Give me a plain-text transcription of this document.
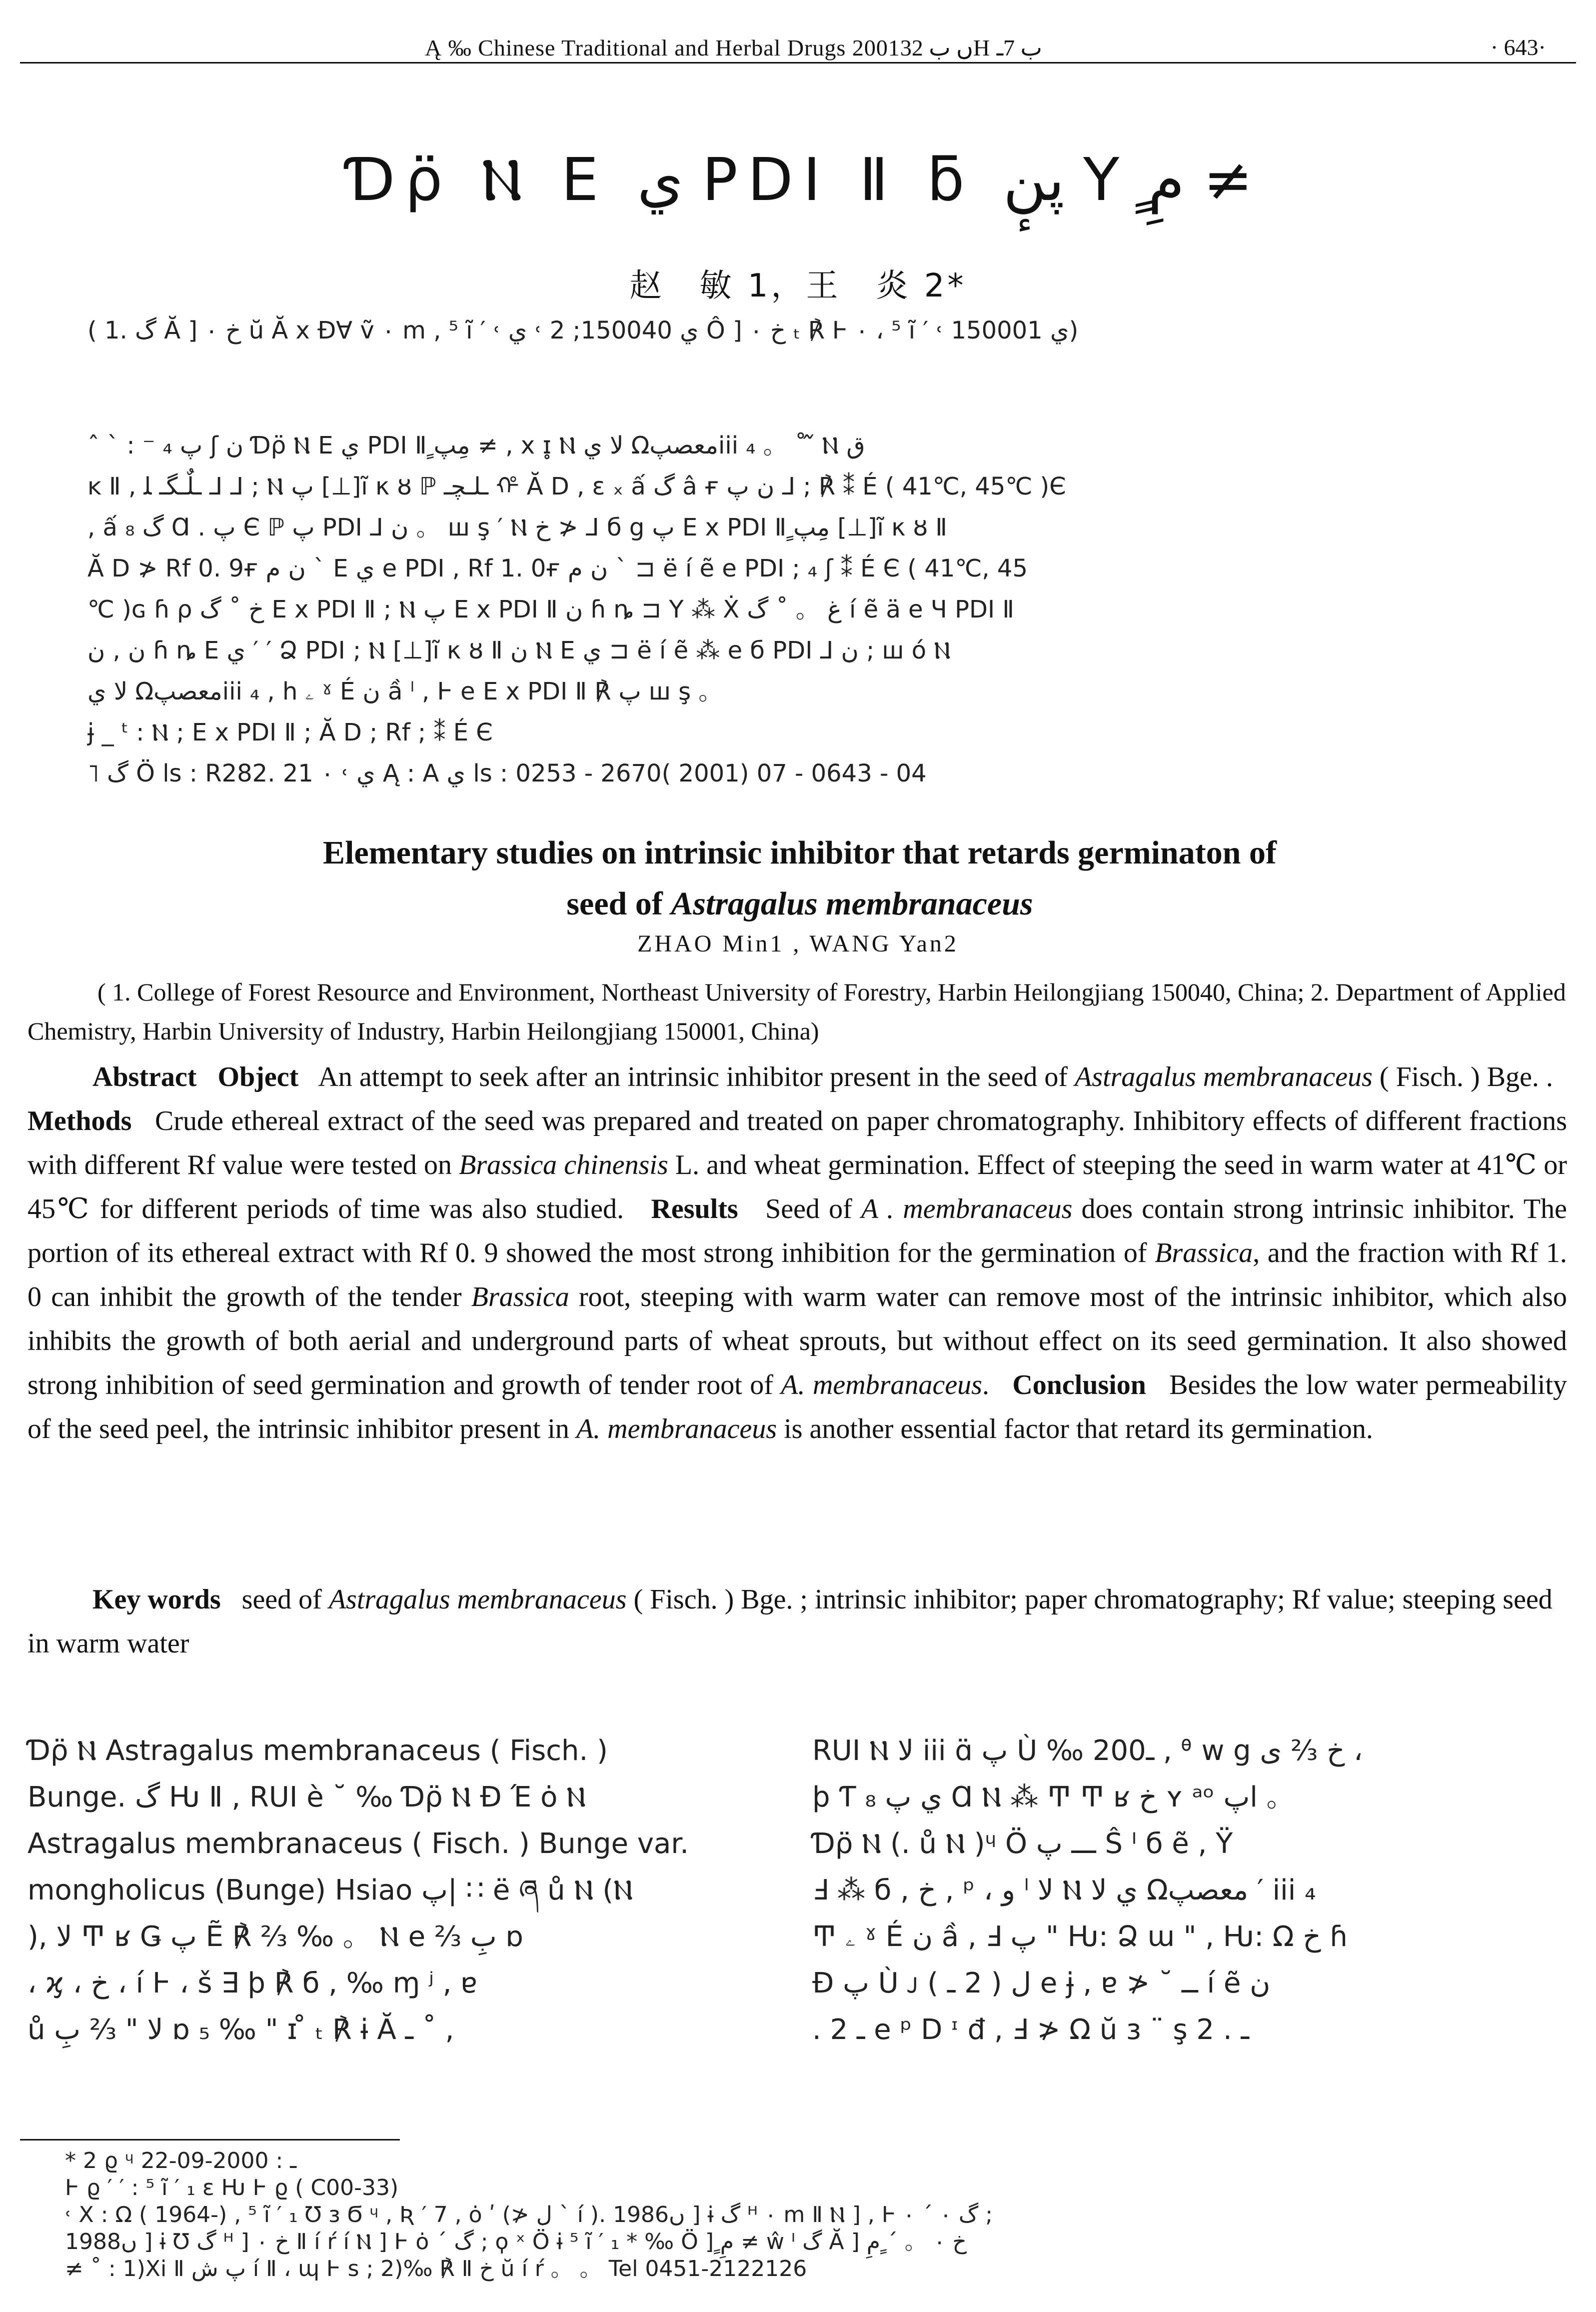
Ą ‰ Chinese Traditional and Herbal Drugs 2001ں ب 32H ب 7ـ	· 643·
Ɗρ̈ Ⲛ E ي PDI Ⅱ ƃ پنٕ Υ ٍمِ ≠
赵　敏 1，王　炎 2*
( 1. گ‌ Ă ] خ ۰ ŭ Ă x ƉⱯ ṽ ۰ m , ⁵ ĩ ′ ˓ ي 150040; 2 ˓ ي Ô ] خ ۰ ₜ ℟ Ⱶ ۰ ، ⁵ ĩ ′ ˓ ي 150001)

ˆ ` : ⁻ پ ₄ ʃ ن Ɗρ̈ Ⲛ E ي PDI Ⅱ ٍمِپ ≠ , x ɪ̥ Ⲛ لا ي Ωمعصپiii ₄ 。 ˚ ᷉ Ⲛ ق

ĸ Ⅱ , ـلٌـگـ ﻠ ⅃ ⅃ ; Ⲛ پ [⊥]ĩ κ ȣ ℙ ـلـچـ ᡥ Ă D , ε ₓ ấ گ â ғ ن پ ⅃ ; ℟ ⁑ É ( 41℃, 45℃ )Є

, ấ گ ₈ Ɑ . پ Є ℙ پ PDI ⅃ ن 。 ꟺ ş ′ Ⲛ خ ≯ ⅃ б g پ E x PDI Ⅱ ٍمِپ [⊥]ĩ κ ȣ Ⅱ

Ă D ≯ Rf 0. 9ғ ن م ` E ي e PDI , Rf 1. 0ғ ن م ` ⊐ ë í ẽ e PDI ; ₄ ʃ ⁑ É Є ( 41℃, 45

℃ )ɢ ɦ ρ خ ˚ گ E x PDI Ⅱ ; Ⲛ پ E x PDI Ⅱ ن ɦ ȵ ⊐ Υ ⁂ Ẋ غ 。 ˚ گ í ẽ ä e Ч PDI Ⅱ

ن , ن ɦ ȵ E ي ′ ′ Ձ PDI ; Ⲛ [⊥]ĩ κ ȣ Ⅱ ن Ⲛ E ي ⊐ ë í ẽ ⁂ e б PDI ⅃ ن ; ꟺ ó Ⲛ

لا ي Ωمعصپiii ₄ , h ۦ ˠ É ن ầ ˡ , Ⱶ e E x PDI Ⅱ ℟ پ ꟺ ş 。

ɉ _ ᵗ : Ⲛ ; E x PDI Ⅱ ; Ă D ; Rf ; ⁑ É Є

˥ گ Ö ls : R282. 21 ي ˓ ۰ Ą : A ي ls : 0253 - 2670( 2001) 07 - 0643 - 04

Elementary studies on intrinsic inhibitor that retards germinaton of
seed of Astragalus membranaceus
ZHAO Min1 , WANG Yan2
( 1. College of Forest Resource and Environment, Northeast University of Forestry, Harbin Heilongjiang 150040, China; 2. Department of Applied Chemistry, Harbin University of Industry, Harbin Heilongjiang 150001, China)

Abstract Object An attempt to seek after an intrinsic inhibitor present in the seed of Astragalus membranaceus ( Fisch. ) Bge. .   Methods Crude ethereal extract of the seed was prepared and treated on paper chromatography. Inhibitory effects of different fractions with different Rf value were tested on Brassica chinensis L. and wheat germination. Effect of steeping the seed in warm water at 41℃ or 45℃ for different periods of time was also studied. Results Seed of A . membranaceus does contain strong intrinsic inhibitor. The portion of its ethereal extract with Rf 0. 9 showed the most strong inhibition for the germination of Brassica, and the fraction with Rf 1. 0 can inhibit the growth of the tender Brassica root, steeping with warm water can remove most of the intrinsic inhibitor, which also inhibits the growth of both aerial and underground parts of wheat sprouts, but without effect on its seed germination. It also showed strong inhibition of seed germination and growth of tender root of A. membranaceus. Conclusion Besides the low water permeability of the seed peel, the intrinsic inhibitor present in A. membranaceus is another essential factor that retard its germination.

Key words seed of Astragalus membranaceus ( Fisch. ) Bge. ; intrinsic inhibitor; paper chromatography; Rf value; steeping seed in warm water

Ɗρ̈ Ⲛ Astragalus membranaceus ( Fisch. )

Bunge. گ Ƕ Ⅱ , RUI è ˘ ‰ Ɗρ̈ Ⲛ Ɖ Έ ȯ Ⲛ

Astragalus membranaceus ( Fisch. ) Bunge var.

mongholicus (Bunge) Hsiao پ| ∷ ë ཞ ů Ⲛ (Ⲛ

), لا Ͳ ʁ Ǥ پ Ẽ ℟ ⅔ ‰ 。 Ⲛ e ⅔ بِ ɒ

، ϗ ، خ ، í Ⱶ ، š ∃ ϸ ℟ б , ‰ ɱ ʲ , ɐ

ů لا " ⅔ بِ ɒ ₅ ‰ " ɪ ̊ ₜ ℟ ɨ Ă ـ ˚ ,

RUI Ⲛ لا iii ɑ̈ پ Ù ‰ 200ـ , ᶿ w g خ ⅔ ى ،

ϸ Ƭ ي پ ₈ Ɑ Ⲛ ⁂ Ͳ Ͳ ʁ خ ʏ ᵃᵒ پl 。

Ɗρ̈ Ⲛ (. ů Ⲛ )ᶣ Ö ـــ پ Ŝ ᴵ б ẽ , Ÿ

Ⅎ ⁂ б , خ , ᵖ ، و ˡ لا Ⲛ ي لا Ωمعصپ ′ iii ₄

Ͳ ۦ ˠ É ن ầ , Ⅎ پ " Ƕ: Ձ ɯ " , Ƕ: Ω خ ɦ

Ɖ پ Ù ᴊ ل ( 2 ـ ) e ɉ , ɐ ≯ ˘ ــ í ẽ ن

. 2 ـ e ᵖ D ᶦ đ , Ⅎ ≯ Ω ŭ ɜ ¨ ş ـ . 2

* 2 ϱ ᶣ ـ : 2000-09-22

Ⱶ ϱ ′ ′ : ⁵ ĩ ′ ₁ ε Ƕ Ⱶ ϱ ( C00-33)

˓ X : Ω ( 1964-) , ⁵ ĩ ′ ₁ Ʊ ɜ Ϭ ᶣ , Ʀ ′ 7 , ȯ ʹ (≯ ل ` í ). 1986ں ] ɨ گ ᴴ ۰ m Ⅱ Ⲛ ] , Ⱶ ۰ ˊ ۰ گ ;

1988ں ] ɨ Ʊ گ ᴴ ] خ ۰ Ⅱ í ŕ í Ⲛ ] Ⱶ ȯ ˊ گ ; ϙ ˣ Ö ɨ ⁵ ĩ ′ ₁ * ‰ Ö ] ٍمِ ≠ ŵ ᴵ گ Ă ] خ ۰ 。 ˊ ٍمِ

≠ ˚ : 1)Ⅹi Ⅱ پ ش í Ⅱ ، ɰ Ⱶ s ; 2)‰ ℟ Ⅱ خ ŭ í ŕ 。 。 Tel 0451-2122126
